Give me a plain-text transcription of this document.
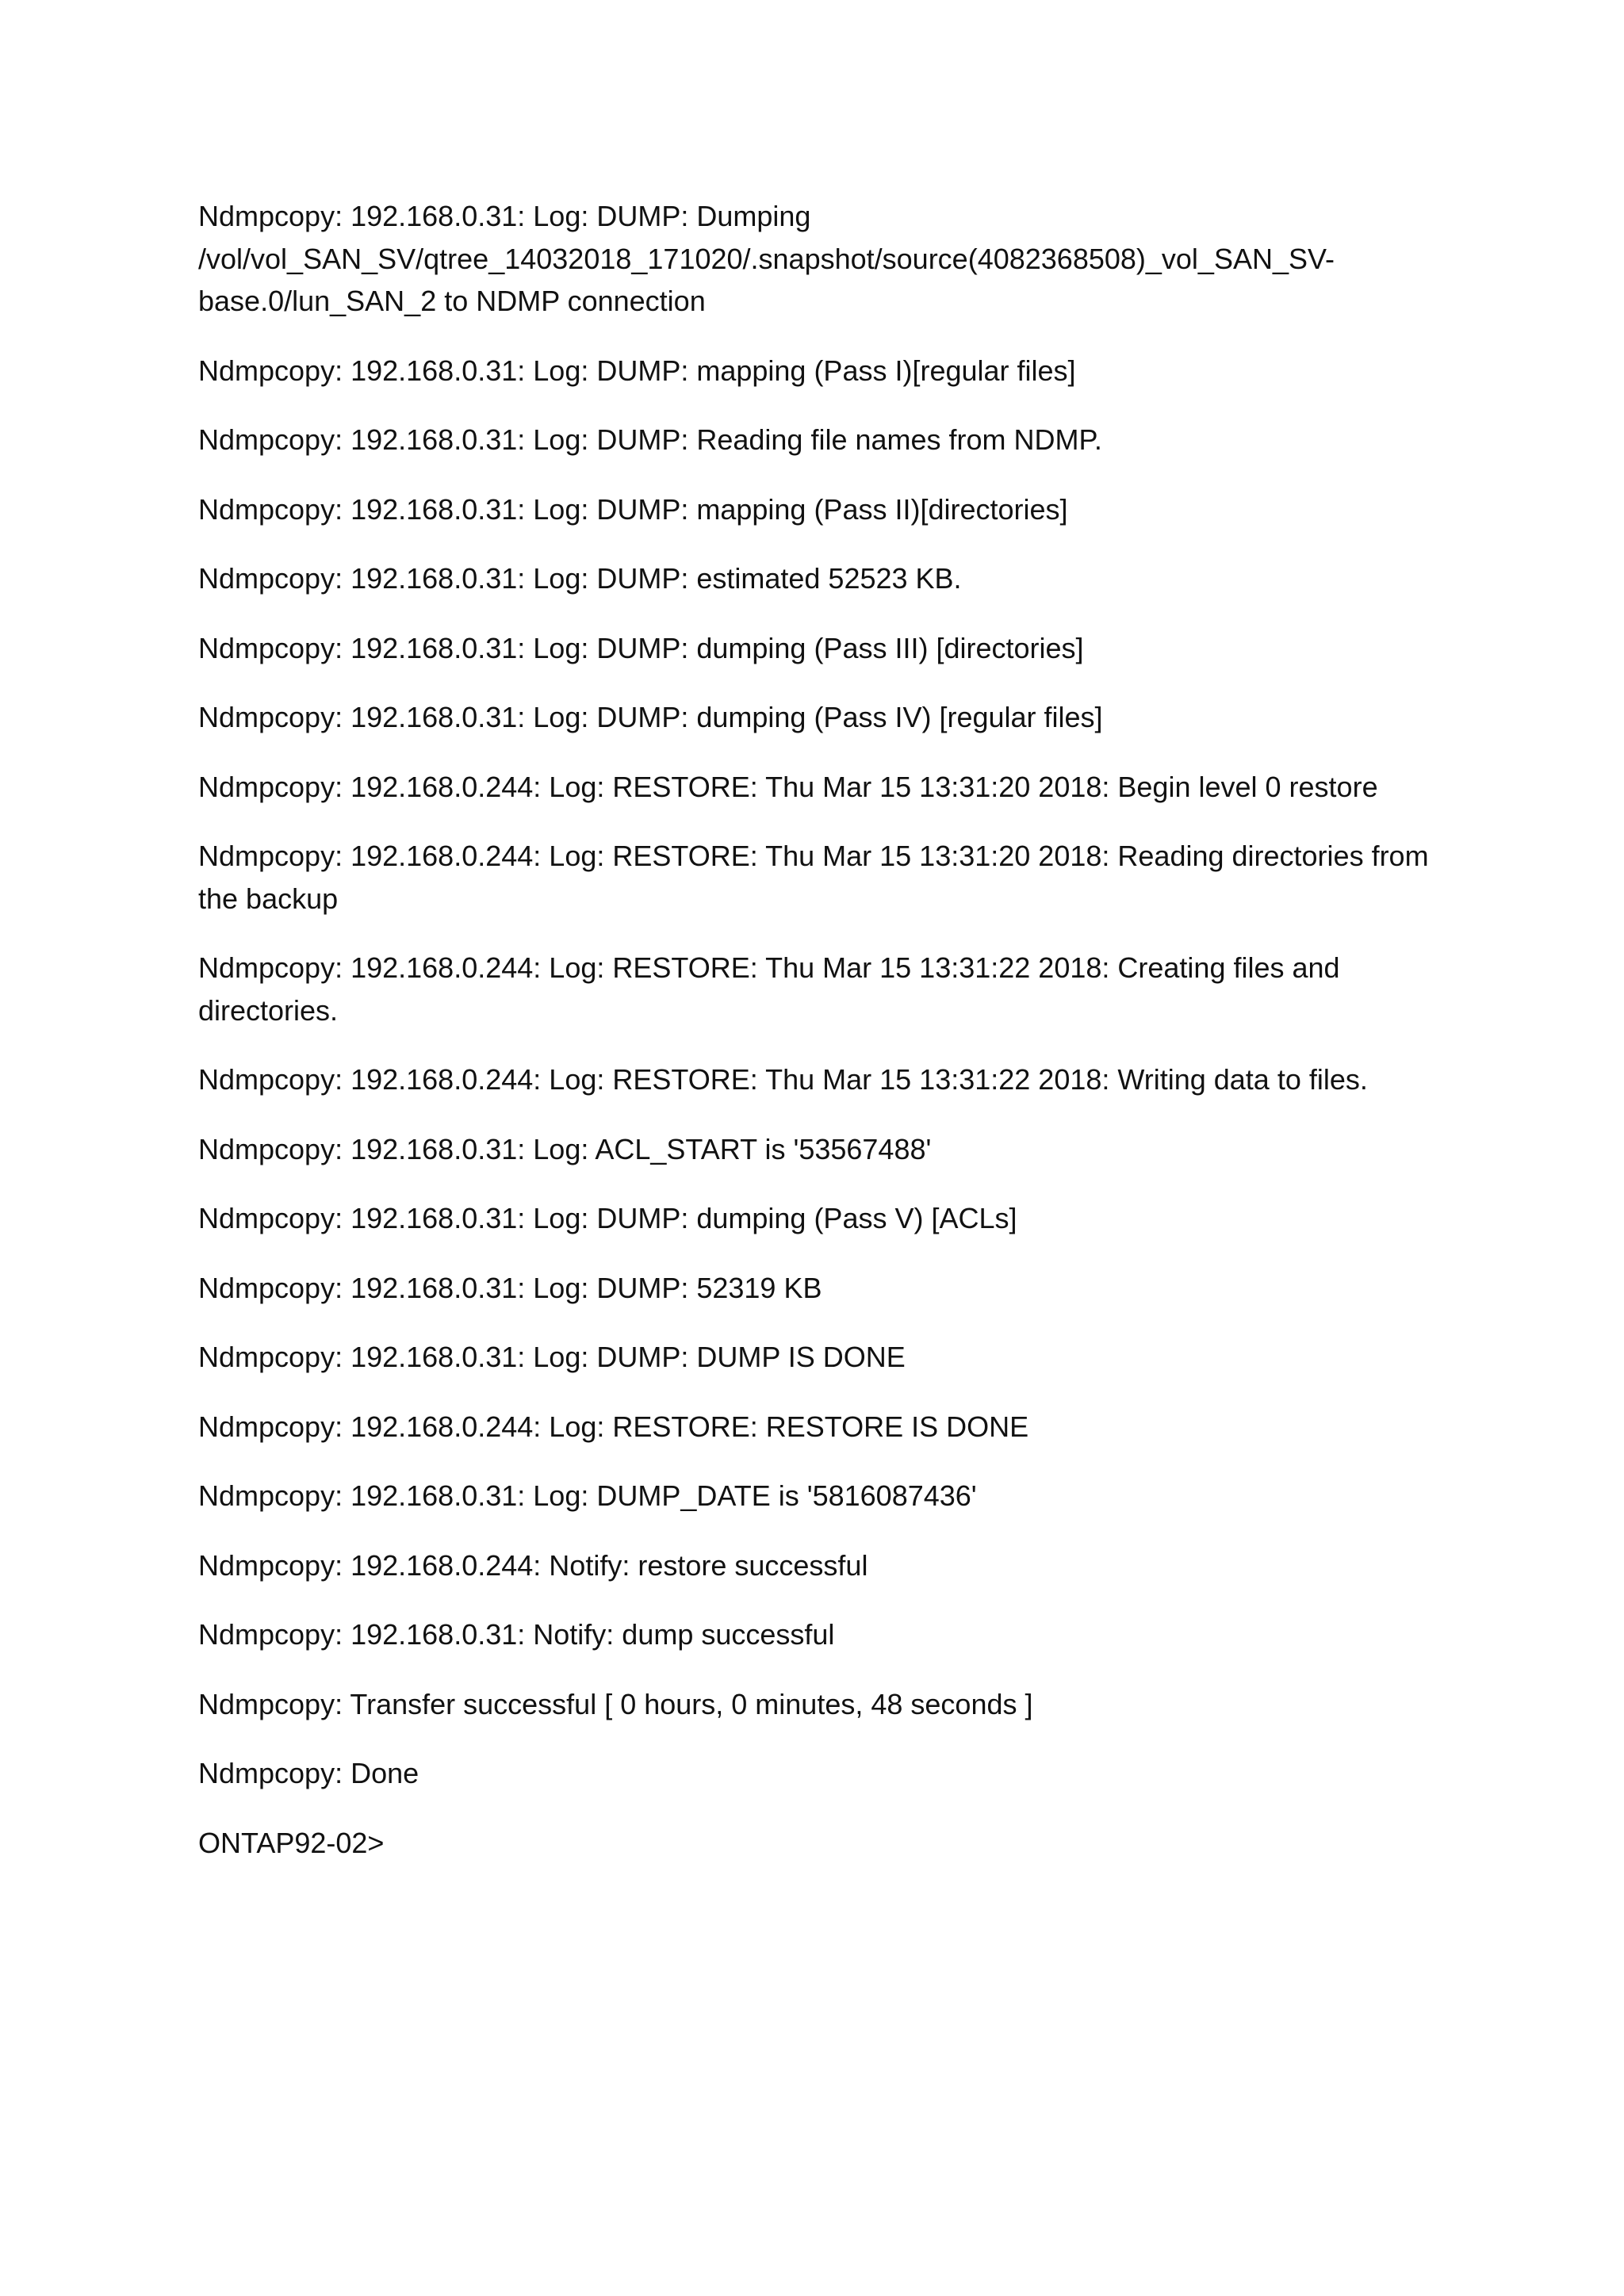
Ndmpcopy: 192.168.0.31: Log: DUMP: Dumping
/vol/vol_SAN_SV/qtree_14032018_171020/.snapshot/source(4082368508)_vol_SAN_SV-
base.0/lun_SAN_2 to NDMP connection

Ndmpcopy: 192.168.0.31: Log: DUMP: mapping (Pass I)[regular files]

Ndmpcopy: 192.168.0.31: Log: DUMP: Reading file names from NDMP.

Ndmpcopy: 192.168.0.31: Log: DUMP: mapping (Pass II)[directories]

Ndmpcopy: 192.168.0.31: Log: DUMP: estimated 52523 KB.

Ndmpcopy: 192.168.0.31: Log: DUMP: dumping (Pass III) [directories]

Ndmpcopy: 192.168.0.31: Log: DUMP: dumping (Pass IV) [regular files]

Ndmpcopy: 192.168.0.244: Log: RESTORE: Thu Mar 15 13:31:20 2018: Begin level 0 restore

Ndmpcopy: 192.168.0.244: Log: RESTORE: Thu Mar 15 13:31:20 2018: Reading directories from the backup

Ndmpcopy: 192.168.0.244: Log: RESTORE: Thu Mar 15 13:31:22 2018: Creating files and directories.

Ndmpcopy: 192.168.0.244: Log: RESTORE: Thu Mar 15 13:31:22 2018: Writing data to files.

Ndmpcopy: 192.168.0.31: Log: ACL_START is '53567488'

Ndmpcopy: 192.168.0.31: Log: DUMP: dumping (Pass V) [ACLs]

Ndmpcopy: 192.168.0.31: Log: DUMP: 52319 KB

Ndmpcopy: 192.168.0.31: Log: DUMP: DUMP IS DONE

Ndmpcopy: 192.168.0.244: Log: RESTORE: RESTORE IS DONE

Ndmpcopy: 192.168.0.31: Log: DUMP_DATE is '5816087436'

Ndmpcopy: 192.168.0.244: Notify: restore successful

Ndmpcopy: 192.168.0.31: Notify: dump successful

Ndmpcopy: Transfer successful [ 0 hours, 0 minutes, 48 seconds ]

Ndmpcopy: Done

ONTAP92-02>
